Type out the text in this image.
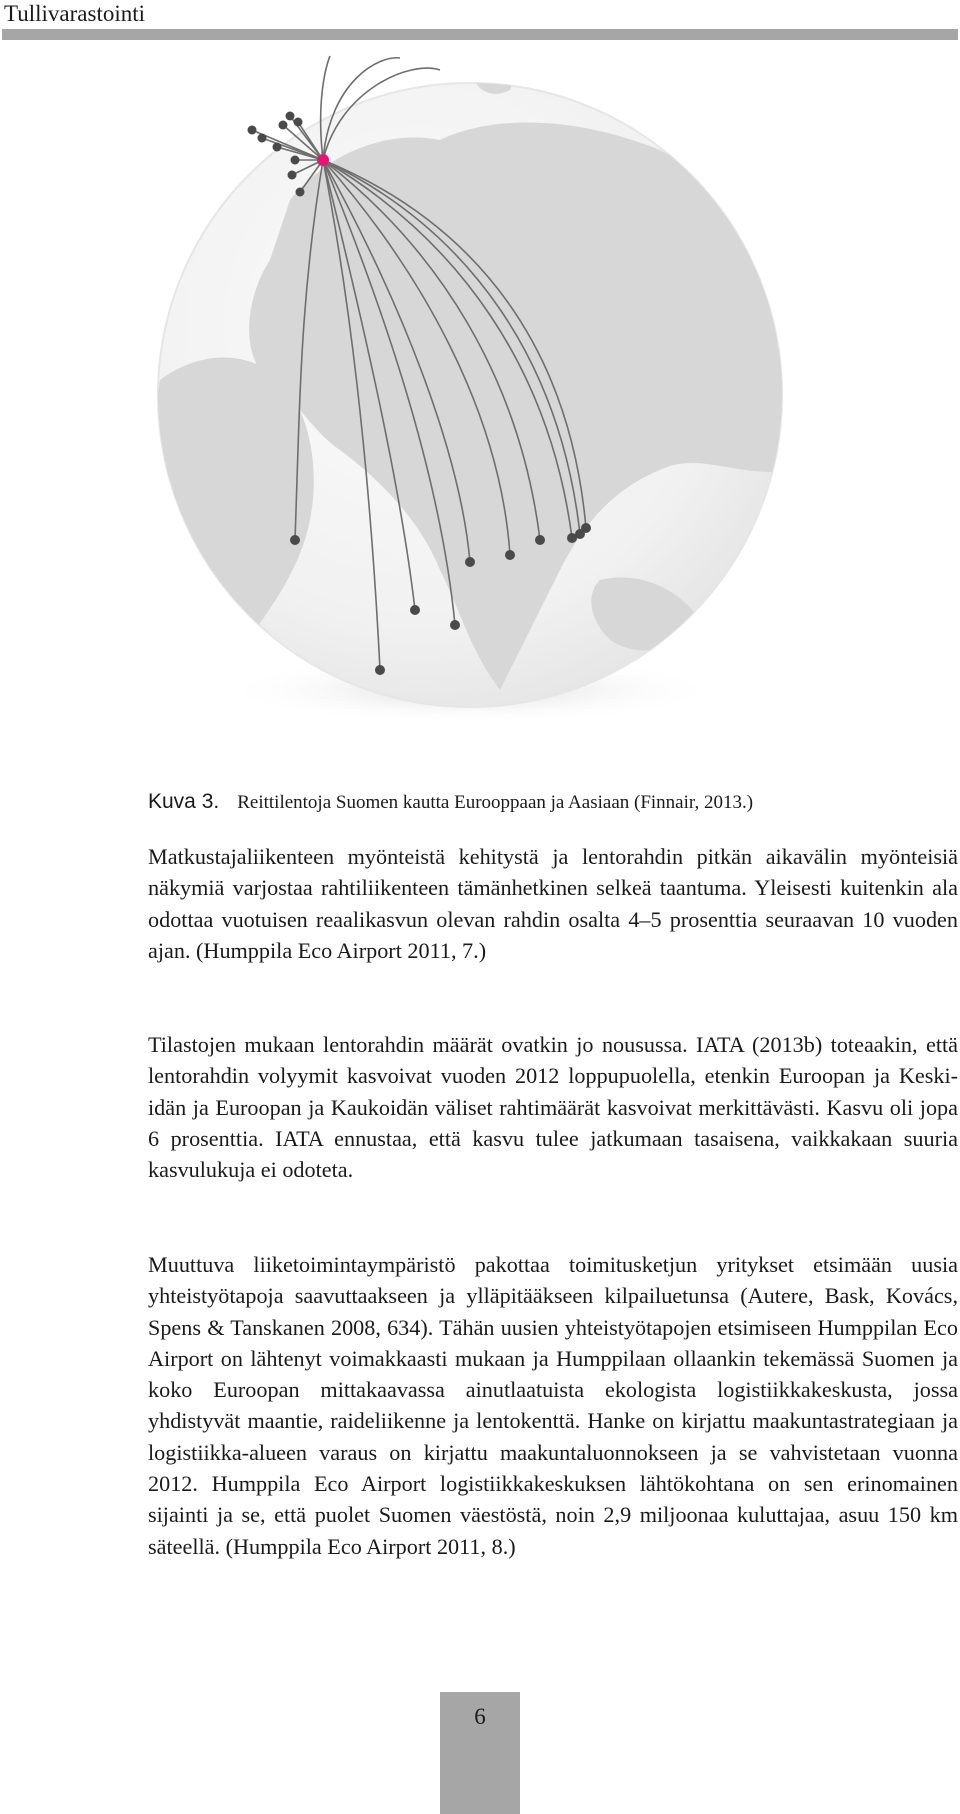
Tullivarastointi
Kuva 3. Reittilentoja Suomen kautta Eurooppaan ja Aasiaan (Finnair, 2013.)

Matkustajaliikenteen myönteistä kehitystä ja lentorahdin pitkän aikavälin myönteisiä näkymiä varjostaa rahtiliikenteen tämänhetkinen selkeä taantuma. Yleisesti kuitenkin ala odottaa vuotuisen reaalikasvun olevan rahdin osalta 4–5 prosenttia seuraavan 10 vuoden ajan. (Humppila Eco Airport 2011, 7.)

Tilastojen mukaan lentorahdin määrät ovatkin jo nousussa. IATA (2013b) toteaakin, että lentorahdin volyymit kasvoivat vuoden 2012 loppupuolella, etenkin Euroopan ja Keski-idän ja Euroopan ja Kaukoidän väliset rahtimäärät kasvoivat merkittävästi. Kasvu oli jopa 6 prosenttia. IATA ennustaa, että kasvu tulee jatkumaan tasaisena, vaikkakaan suuria kasvulukuja ei odoteta.

Muuttuva liiketoimintaympäristö pakottaa toimitusketjun yritykset etsimään uusia yhteistyötapoja saavuttaakseen ja ylläpitääkseen kilpailuetunsa (Autere, Bask, Kovács, Spens & Tanskanen 2008, 634). Tähän uusien yhteistyötapojen etsimiseen Humppilan Eco Airport on lähtenyt voimakkaasti mukaan ja Humppilaan ollaankin tekemässä Suomen ja koko Euroopan mittakaavassa ainutlaatuista ekologista logistiikkakeskusta, jossa yhdistyvät maantie, raideliikenne ja lentokenttä. Hanke on kirjattu maakuntastrategiaan ja logistiikka-alueen varaus on kirjattu maakuntaluonnokseen ja se vahvistetaan vuonna 2012. Humppila Eco Airport logistiikkakeskuksen lähtökohtana on sen erinomainen sijainti ja se, että puolet Suomen väestöstä, noin 2,9 miljoonaa kuluttajaa, asuu 150 km säteellä. (Humppila Eco Airport 2011, 8.)

6
